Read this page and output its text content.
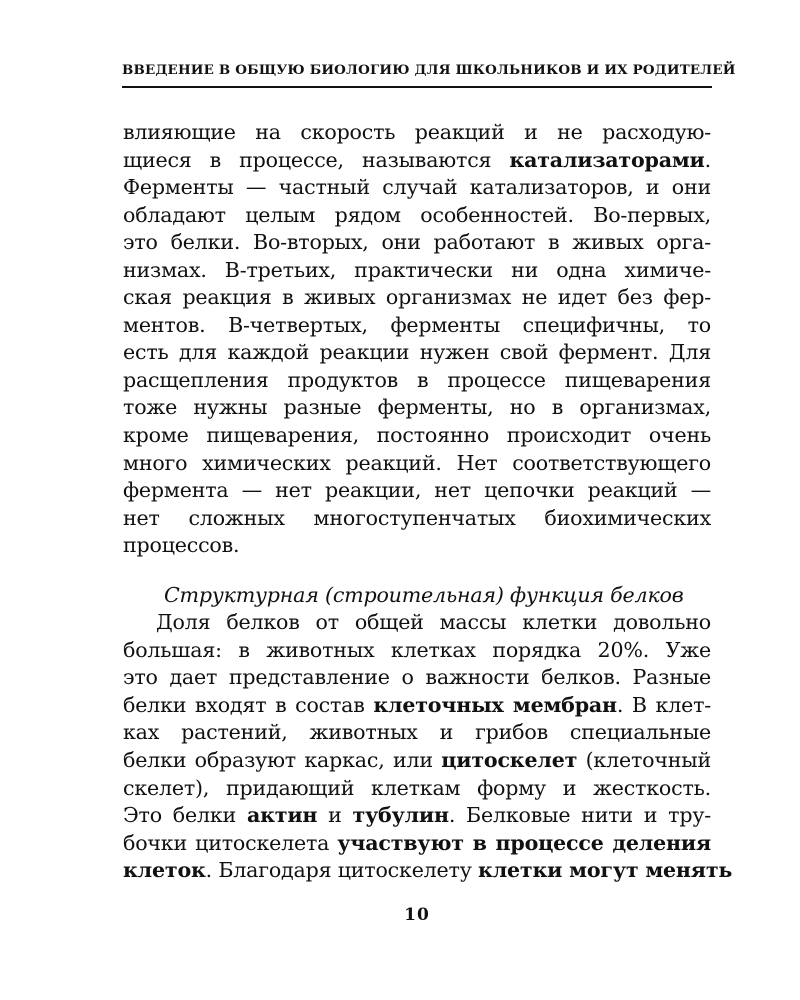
ВВЕДЕНИЕ В ОБЩУЮ БИОЛОГИЮ ДЛЯ ШКОЛЬНИКОВ И ИХ РОДИТЕЛЕЙ
влияющие на скорость реакций и не расходую-
щиеся в процессе, называются катализаторами.
Ферменты — частный случай катализаторов, и они
обладают целым рядом особенностей. Во-первых,
это белки. Во-вторых, они работают в живых орга-
низмах. В-третьих, практически ни одна химиче-
ская реакция в живых организмах не идет без фер-
ментов. В-четвертых, ферменты специфичны, то
есть для каждой реакции нужен свой фермент. Для
расщепления продуктов в процессе пищеварения
тоже нужны разные ферменты, но в организмах,
кроме пищеварения, постоянно происходит очень
много химических реакций. Нет соответствующего
фермента — нет реакции, нет цепочки реакций —
нет сложных многоступенчатых биохимических
процессов.
Структурная (строительная) функция белков
Доля белков от общей массы клетки довольно
большая: в животных клетках порядка 20%. Уже
это дает представление о важности белков. Разные
белки входят в состав клеточных мембран. В клет-
ках растений, животных и грибов специальные
белки образуют каркас, или цитоскелет (клеточный
скелет), придающий клеткам форму и жесткость.
Это белки актин и тубулин. Белковые нити и тру-
бочки цитоскелета участвуют в процессе деления
клеток. Благодаря цитоскелету клетки могут менять
10
